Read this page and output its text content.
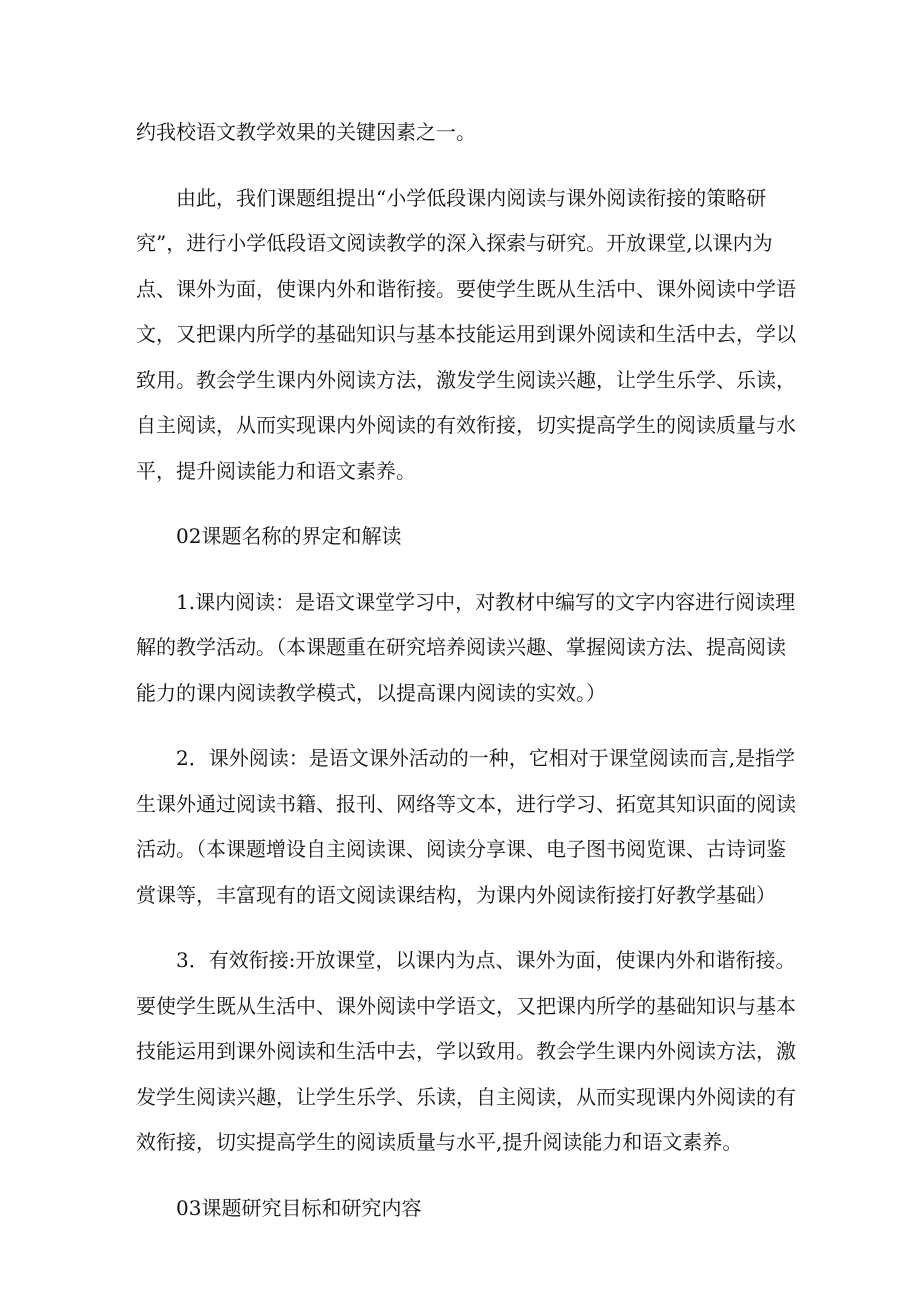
约我校语文教学效果的关键因素之一。

由此，我们课题组提出“小学低段课内阅读与课外阅读衔接的策略研究”，进行小学低段语文阅读教学的深入探索与研究。开放课堂,以课内为点、课外为面，使课内外和谐衔接。要使学生既从生活中、课外阅读中学语文，又把课内所学的基础知识与基本技能运用到课外阅读和生活中去，学以致用。教会学生课内外阅读方法，激发学生阅读兴趣，让学生乐学、乐读，自主阅读，从而实现课内外阅读的有效衔接，切实提高学生的阅读质量与水平，提升阅读能力和语文素养。

02课题名称的界定和解读

1.课内阅读：是语文课堂学习中，对教材中编写的文字内容进行阅读理解的教学活动。（本课题重在研究培养阅读兴趣、掌握阅读方法、提高阅读能力的课内阅读教学模式，以提高课内阅读的实效。）

2．课外阅读：是语文课外活动的一种，它相对于课堂阅读而言,是指学生课外通过阅读书籍、报刊、网络等文本，进行学习、拓宽其知识面的阅读活动。（本课题增设自主阅读课、阅读分享课、电子图书阅览课、古诗词鉴赏课等，丰富现有的语文阅读课结构，为课内外阅读衔接打好教学基础）

3．有效衔接:开放课堂，以课内为点、课外为面，使课内外和谐衔接。要使学生既从生活中、课外阅读中学语文，又把课内所学的基础知识与基本技能运用到课外阅读和生活中去，学以致用。教会学生课内外阅读方法，激发学生阅读兴趣，让学生乐学、乐读，自主阅读，从而实现课内外阅读的有效衔接，切实提高学生的阅读质量与水平,提升阅读能力和语文素养。

03课题研究目标和研究内容
